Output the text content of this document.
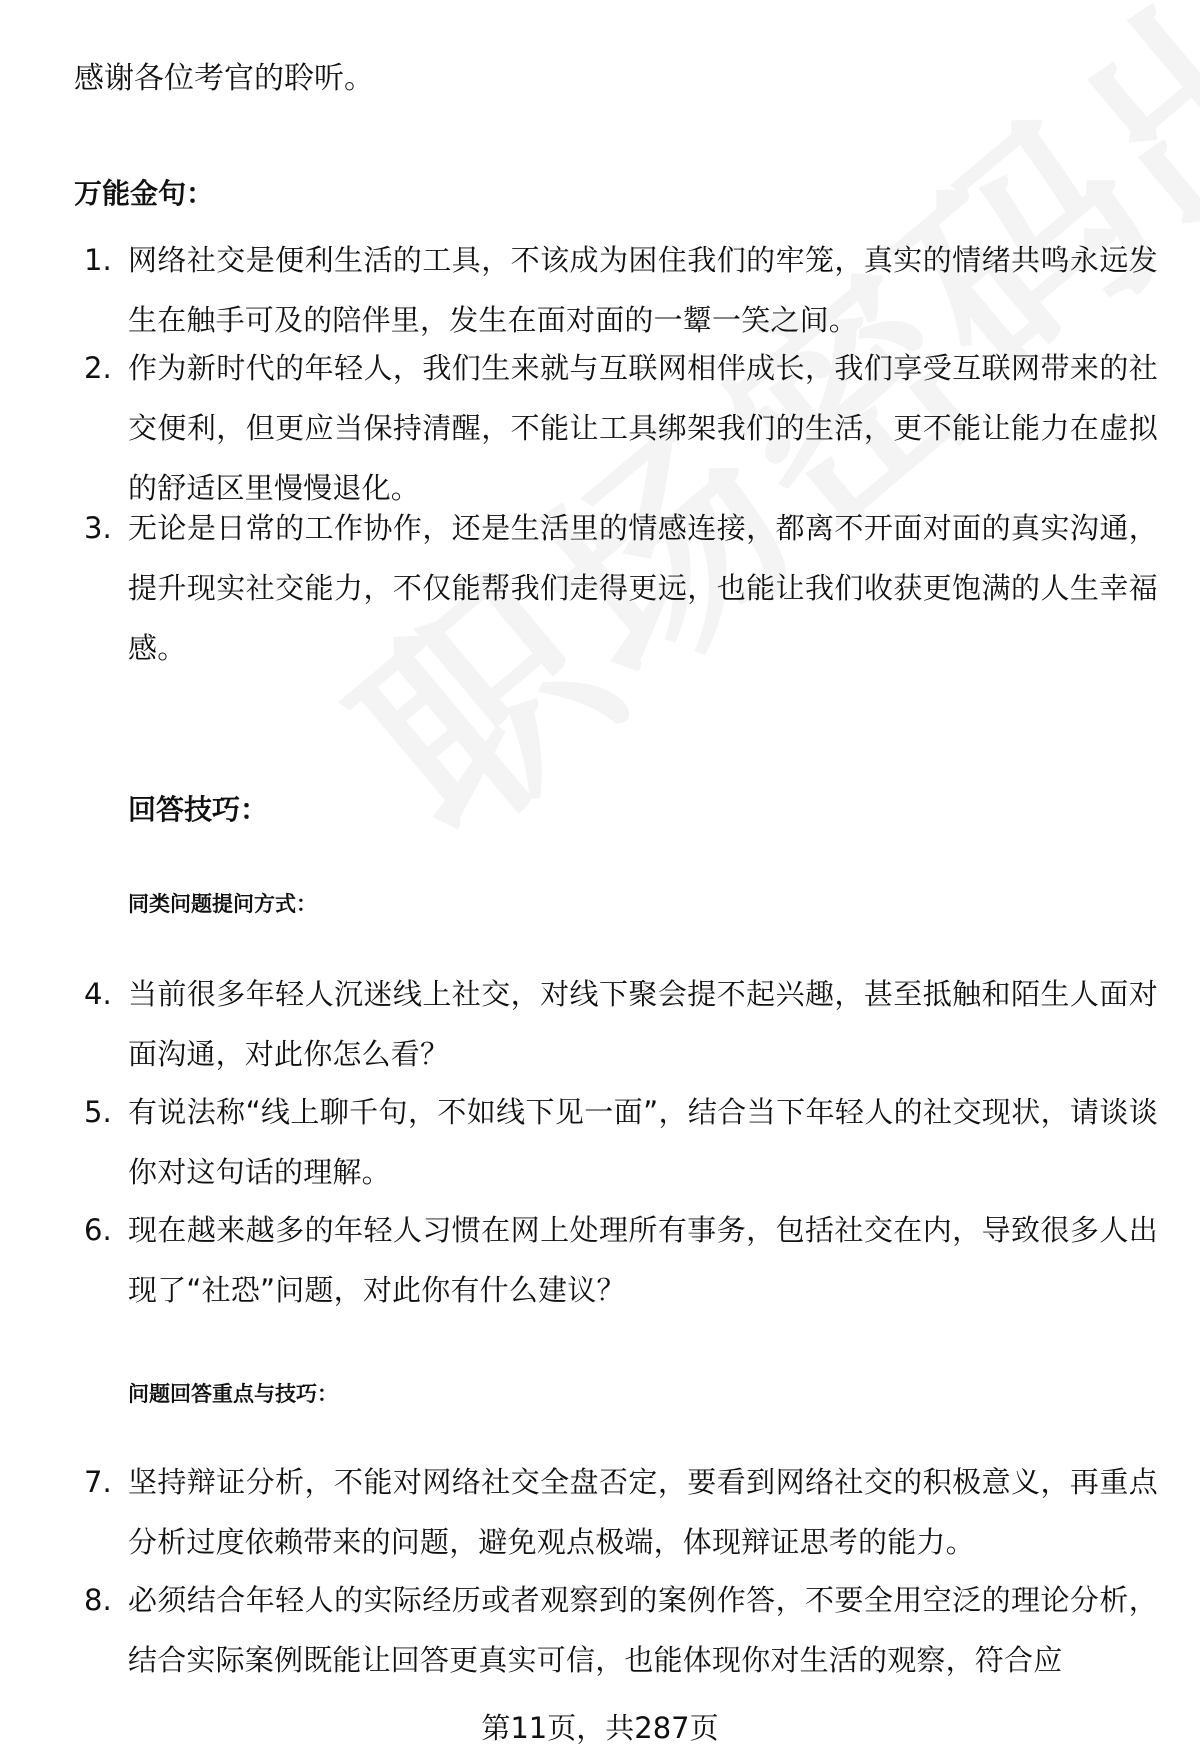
感谢各位考官的聆听。
万能金句：
1. 网络社交是便利生活的工具，不该成为困住我们的牢笼，真实的情绪共鸣永远发生在触手可及的陪伴里，发生在面对面的一颦一笑之间。
2. 作为新时代的年轻人，我们生来就与互联网相伴成长，我们享受互联网带来的社交便利，但更应当保持清醒，不能让工具绑架我们的生活，更不能让能力在虚拟的舒适区里慢慢退化。
3. 无论是日常的工作协作，还是生活里的情感连接，都离不开面对面的真实沟通，提升现实社交能力，不仅能帮我们走得更远，也能让我们收获更饱满的人生幸福感。
回答技巧：
同类问题提问方式：
4. 当前很多年轻人沉迷线上社交，对线下聚会提不起兴趣，甚至抵触和陌生人面对面沟通，对此你怎么看？
5. 有说法称“线上聊千句，不如线下见一面”，结合当下年轻人的社交现状，请谈谈你对这句话的理解。
6. 现在越来越多的年轻人习惯在网上处理所有事务，包括社交在内，导致很多人出现了“社恐”问题，对此你有什么建议？
问题回答重点与技巧：
7. 坚持辩证分析，不能对网络社交全盘否定，要看到网络社交的积极意义，再重点分析过度依赖带来的问题，避免观点极端，体现辩证思考的能力。
8. 必须结合年轻人的实际经历或者观察到的案例作答，不要全用空泛的理论分析，结合实际案例既能让回答更真实可信，也能体现你对生活的观察，符合应
第11页，共287页
